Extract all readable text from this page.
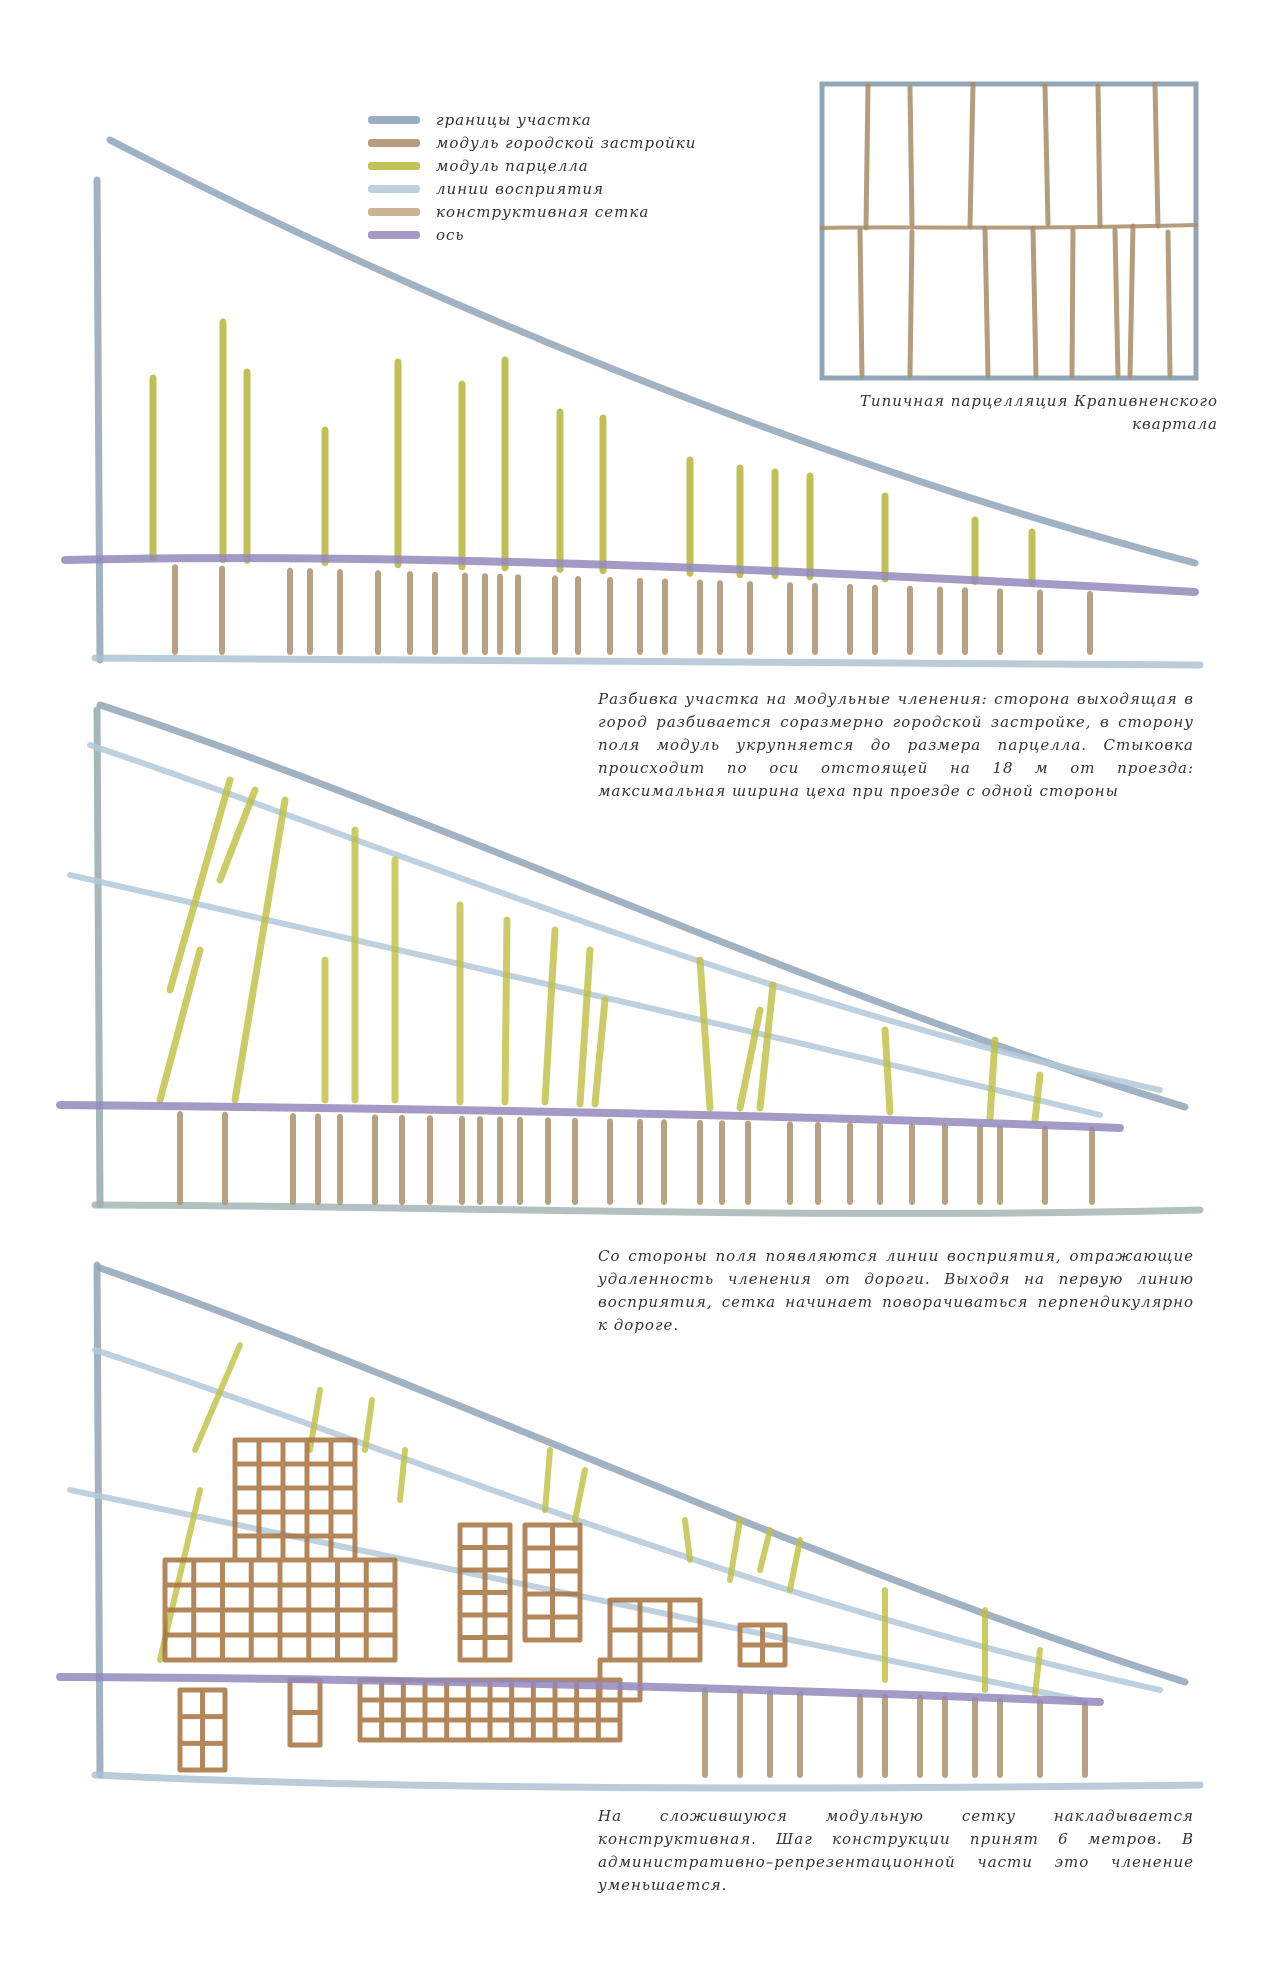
границы участка
модуль городской застройки
модуль парцелла
линии восприятия
конструктивная сетка
ось
Типичная парцелляция Крапивненского квартала
Разбивка участка на модульные членения: сторона выходящая в город разбивается соразмерно городской застройке, в сторону поля модуль укрупняется до размера парцелла. Стыковка происходит по оси отстоящей на 18 м от проезда: максимальная ширина цеха при проезде с одной стороны
Со стороны поля появляются линии восприятия, отражающие удаленность членения от дороги. Выходя на первую линию восприятия, сетка начинает поворачиваться перпендикулярно к дороге.
На сложившуюся модульную сетку накладывается конструктивная. Шаг конструкции принят 6 метров. В административно–репрезентационной части это членение уменьшается.
